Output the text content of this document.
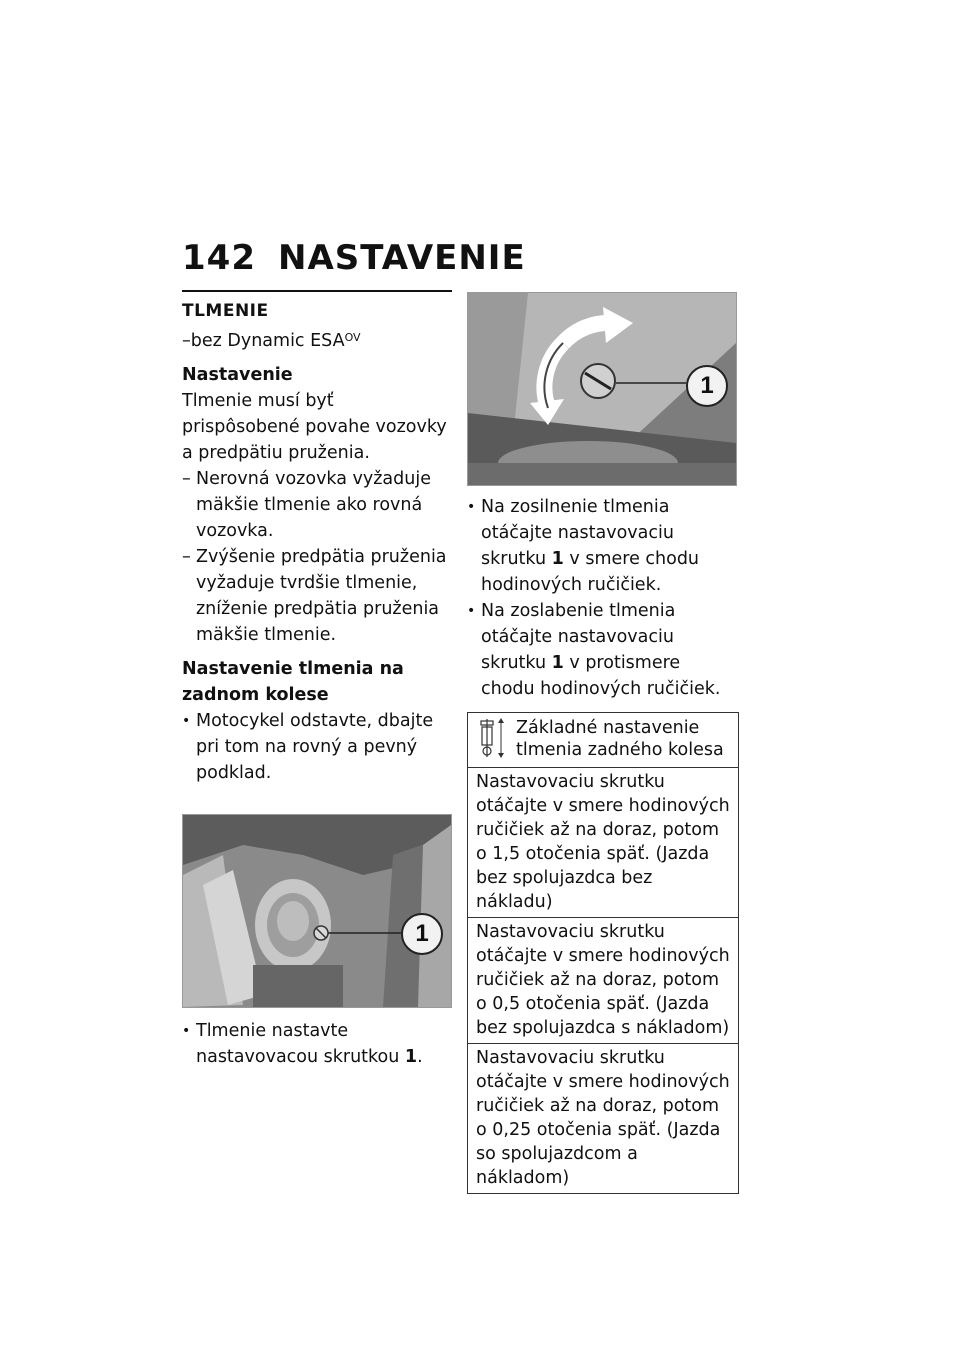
142 NASTAVENIE
TLMENIE
–bez Dynamic $ESA^{OV}$
Nastavenie

Tlmenie musí byť prispôsobené povahe vozovky a predpätiu pruženia.

– Nerovná vozovka vyžaduje mäkšie tlmenie ako rovná vozovka.

– Zvýšenie predpätia pruženia vyžaduje tvrdšie tlmenie, zníženie predpätia pruženia mäkšie tlmenie.

Nastavenie tlmenia na zadnom kolese

• Motocykel odstavte, dbajte pri tom na rovný a pevný podklad.

1

• Tlmenie nastavte nastavovacou skrutkou 1.

1

• Na zosilnenie tlmenia otáčajte nastavovaciu skrutku 1 v smere chodu hodinových ručičiek.

• Na zoslabenie tlmenia otáčajte nastavovaciu skrutku 1 v protismere chodu hodinových ručičiek.

Základné nastavenie tlmenia zadného kolesa
Nastavovaciu skrutku otáčajte v smere hodinových ručičiek až na doraz, potom o 1,5 otočenia späť. (Jazda bez spolujazdca bez nákladu)
Nastavovaciu skrutku otáčajte v smere hodinových ručičiek až na doraz, potom o 0,5 otočenia späť. (Jazda bez spolujazdca s nákladom)
Nastavovaciu skrutku otáčajte v smere hodinových ručičiek až na doraz, potom o 0,25 otočenia späť. (Jazda so spolujazdcom a nákladom)
